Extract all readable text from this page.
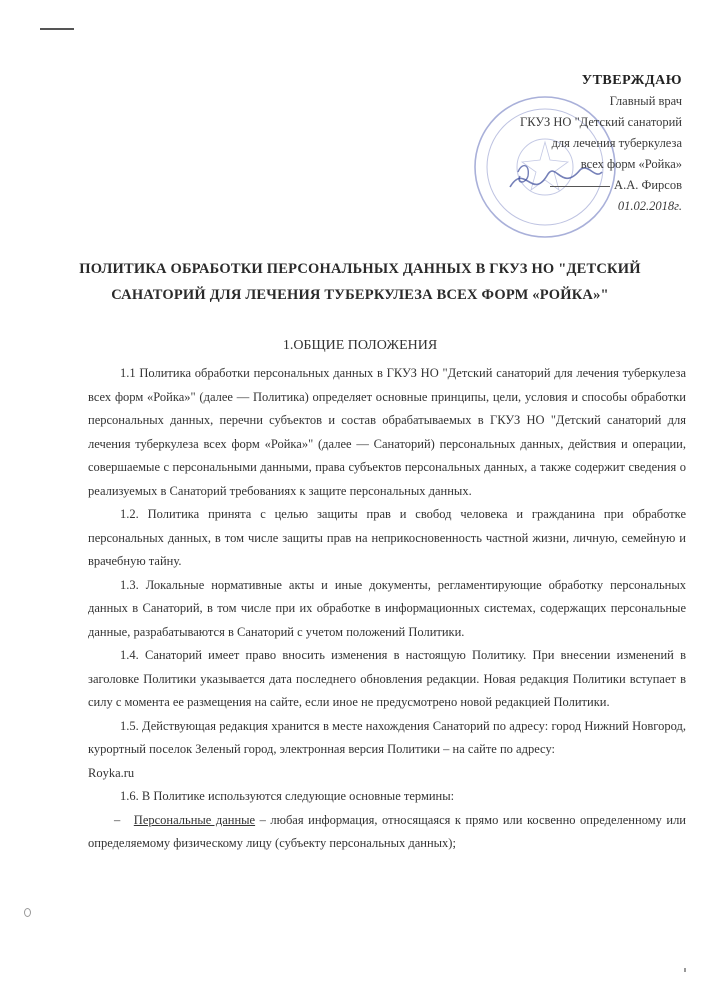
УТВЕРЖДАЮ
Главный врач
ГКУЗ НО "Детский санаторий
для лечения туберкулеза
всех форм «Ройка»
А.А. Фирсов
01.02.2018г.
ПОЛИТИКА ОБРАБОТКИ ПЕРСОНАЛЬНЫХ ДАННЫХ В ГКУЗ НО "ДЕТСКИЙ
САНАТОРИЙ ДЛЯ ЛЕЧЕНИЯ ТУБЕРКУЛЕЗА ВСЕХ ФОРМ «РОЙКА»"
1.ОБЩИЕ ПОЛОЖЕНИЯ

1.1 Политика обработки персональных данных в ГКУЗ НО "Детский санаторий для лечения туберкулеза всех форм «Ройка»" (далее — Политика) определяет основные принципы, цели, условия и способы обработки персональных данных, перечни субъектов и состав обрабатываемых в ГКУЗ НО "Детский санаторий для лечения туберкулеза всех форм «Ройка»" (далее — Санаторий) персональных данных, действия и операции, совершаемые с персональными данными, права субъектов персональных данных, а также содержит сведения о реализуемых в Санаторий требованиях к защите персональных данных.

1.2. Политика принята с целью защиты прав и свобод человека и гражданина при обработке персональных данных, в том числе защиты прав на неприкосновенность частной жизни, личную, семейную и врачебную тайну.

1.3. Локальные нормативные акты и иные документы, регламентирующие обработку персональных данных в Санаторий, в том числе при их обработке в информационных системах, содержащих персональные данные, разрабатываются в Санаторий с учетом положений Политики.

1.4. Санаторий имеет право вносить изменения в настоящую Политику. При внесении изменений в заголовке Политики указывается дата последнего обновления редакции. Новая редакция Политики вступает в силу с момента ее размещения на сайте, если иное не предусмотрено новой редакцией Политики.

1.5. Действующая редакция хранится в месте нахождения Санаторий по адресу: город Нижний Новгород, курортный поселок Зеленый город, электронная версия Политики – на сайте по адресу:

Royka.ru

1.6. В Политике используются следующие основные термины:

–   Персональные данные – любая информация, относящаяся к прямо или косвенно определенному или определяемому физическому лицу (субъекту персональных данных);
